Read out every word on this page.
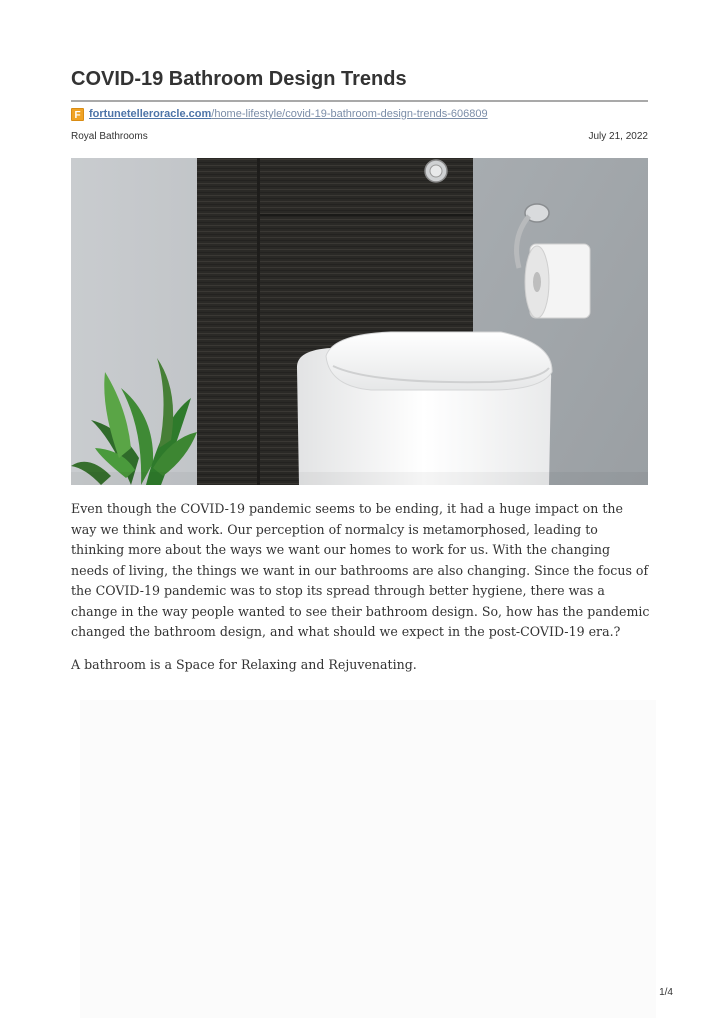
COVID-19 Bathroom Design Trends
F fortunetelleroracle.com /home-lifestyle/covid-19-bathroom-design-trends-606809
Royal Bathrooms	July 21, 2022

Even though the COVID-19 pandemic seems to be ending, it had a huge impact on the way we think and work. Our perception of normalcy is metamorphosed, leading to thinking more about the ways we want our homes to work for us. With the changing needs of living, the things we want in our bathrooms are also changing. Since the focus of the COVID-19 pandemic was to stop its spread through better hygiene, there was a change in the way people wanted to see their bathroom design. So, how has the pandemic changed the bathroom design, and what should we expect in the post-COVID-19 era.?

A bathroom is a Space for Relaxing and Rejuvenating.

1/4
